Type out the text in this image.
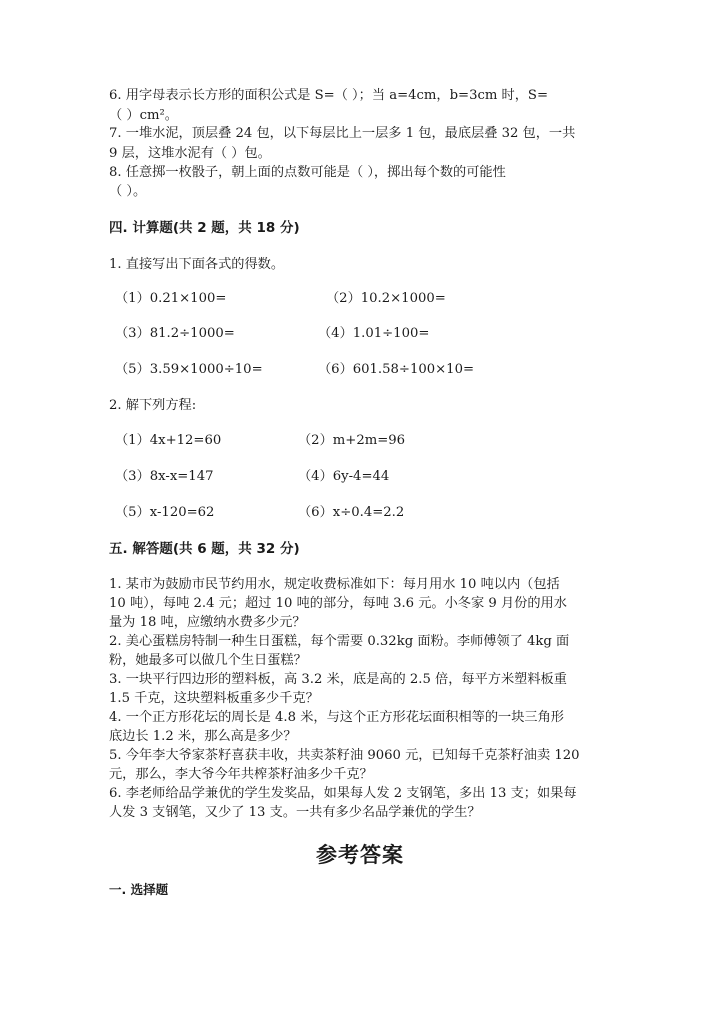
6. 用字母表示长方形的面积公式是 S=（ ）；当 a=4cm，b=3cm 时，S=
（ ）cm²。
7. 一堆水泥，顶层叠 24 包，以下每层比上一层多 1 包，最底层叠 32 包，一共
9 层，这堆水泥有（ ）包。
8. 任意掷一枚骰子，朝上面的点数可能是（ ），掷出每个数的可能性
（ ）。
四. 计算题(共 2 题，共 18 分)
1. 直接写出下面各式的得数。
（1）0.21×100=	（2）10.2×1000=
（3）81.2÷1000=	（4）1.01÷100=
（5）3.59×1000÷10=	（6）601.58÷100×10=
2. 解下列方程:
（1）4x+12=60	（2）m+2m=96
（3）8x-x=147	（4）6y-4=44
（5）x-120=62	（6）x÷0.4=2.2
五. 解答题(共 6 题，共 32 分)
1. 某市为鼓励市民节约用水，规定收费标准如下：每月用水 10 吨以内（包括
10 吨），每吨 2.4 元；超过 10 吨的部分，每吨 3.6 元。小冬家 9 月份的用水
量为 18 吨，应缴纳水费多少元？
2. 美心蛋糕房特制一种生日蛋糕，每个需要 0.32kg 面粉。李师傅领了 4kg 面
粉，她最多可以做几个生日蛋糕？
3. 一块平行四边形的塑料板，高 3.2 米，底是高的 2.5 倍，每平方米塑料板重
1.5 千克，这块塑料板重多少千克？
4. 一个正方形花坛的周长是 4.8 米，与这个正方形花坛面积相等的一块三角形
底边长 1.2 米，那么高是多少？
5. 今年李大爷家茶籽喜获丰收，共卖茶籽油 9060 元，已知每千克茶籽油卖 120
元，那么，李大爷今年共榨茶籽油多少千克？
6. 李老师给品学兼优的学生发奖品，如果每人发 2 支钢笔，多出 13 支；如果每
人发 3 支钢笔，又少了 13 支。一共有多少名品学兼优的学生？
参考答案
一. 选择题
